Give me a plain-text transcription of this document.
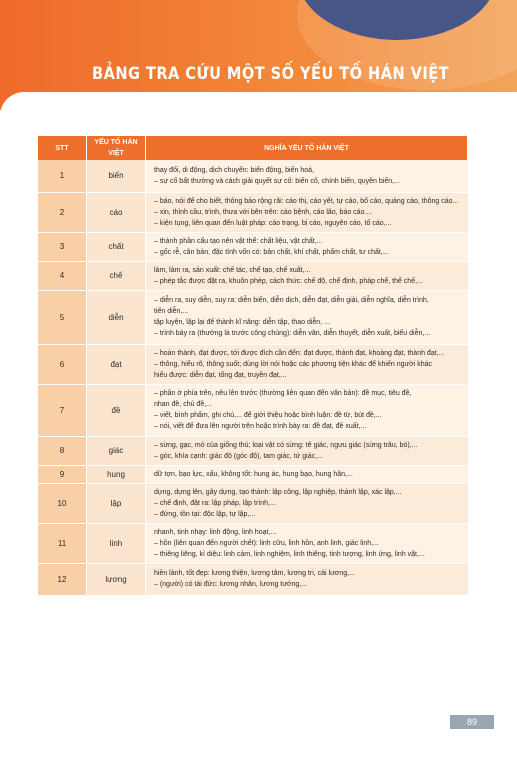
BẢNG TRA CỨU MỘT SỐ YẾU TỐ HÁN VIỆT
STT	YẾU TỐ HÁN VIỆT	NGHĨA YẾU TỐ HÁN VIỆT
1	biến	thay đổi, di động, dịch chuyển: biến động, biến hoá,
– sự cố bất thường và cách giải quyết sự cố: biến cố, chính biến, quyền biến,...

2	cáo	– báo, nói để cho biết, thông báo rộng rãi: cáo thị, cáo yết, tự cáo, bố cáo, quảng cáo, thông cáo...
– xin, thỉnh cầu, trình, thưa với bên trên: cáo bệnh, cáo lão, báo cáo....
– kiện tụng, liên quan đến luật pháp: cáo trạng, bị cáo, nguyên cáo, tố cáo,...

3	chất	– thành phần cấu tạo nên vật thể: chất liệu, vật chất,...
– gốc rễ, căn bản, đặc tính vốn có: bản chất, khí chất, phẩm chất, tư chất,...

4	chế	làm, làm ra, sản xuất: chế tác, chế tạo, chế xuất,...
– phép tắc được đặt ra, khuôn phép, cách thức: chế độ, chế định, pháp chế, thể chế,...

5	diễn	– diễn ra, suy diễn, suy ra: diễn biến, diễn dịch, diễn đạt, diễn giải, diễn nghĩa, diễn trình,
tiến diễn,...
tập luyện, lặp lại để thành kĩ năng: diễn tập, thao diễn, ...
– trình bày ra (thường là trước công chúng): diễn văn, diễn thuyết, diễn xuất, biểu diễn,...

6	đạt	– hoàn thành, đạt được, tới được đích cần đến: đạt được, thành đạt, khoáng đạt, thành đạt,...
– thông, hiểu rõ, thông suốt; dùng lời nói hoặc các phương tiện khác để khiến người khác
hiểu được: diễn đạt, tống đạt, truyền đạt,...

7	đề	– phần ở phía trên, nêu lên trước (thường liên quan đến văn bản): đề mục, tiêu đề,
nhan đề, chủ đề,...
– viết, bình phẩm, ghi chú,... để giới thiệu hoặc bình luận: đề từ, bút đề,...
– nói, viết để đưa lên người trên hoặc trình bày ra: đề đạt, đề xuất,...

8	giác	– sừng, gạc, mỏ của giống thú; loại vật có sừng: tê giác, ngưu giác (sừng trâu, bò),...
– góc, khía cạnh: giác độ (góc độ), tam giác, tứ giác,...

9	hung	dữ tợn, bạo lực, xấu, không tốt: hung ác, hung bạo, hung hãn,...

10	lập	dựng, dựng lên, gây dựng, tạo thành: lập công, lập nghiệp, thành lập, xác lập,...
– chế định, đặt ra: lập pháp, lập trình,...
– đứng, tồn tại: độc lập, tự lập,...

11	linh	nhanh, tinh nhạy: linh động, linh hoạt,...
– hồn (liên quan đến người chết): linh cữu, linh hồn, anh linh, giác linh,...
– thiêng liêng, kì diệu: linh cảm, linh nghiệm, linh thiêng, tinh tượng, linh ứng, linh vật,...

12	lương	hiền lành, tốt đẹp: lương thiện, lương tâm, lương tri, cải lương,...
– (người) có tài đức: lương nhân, lương tướng,...
89
